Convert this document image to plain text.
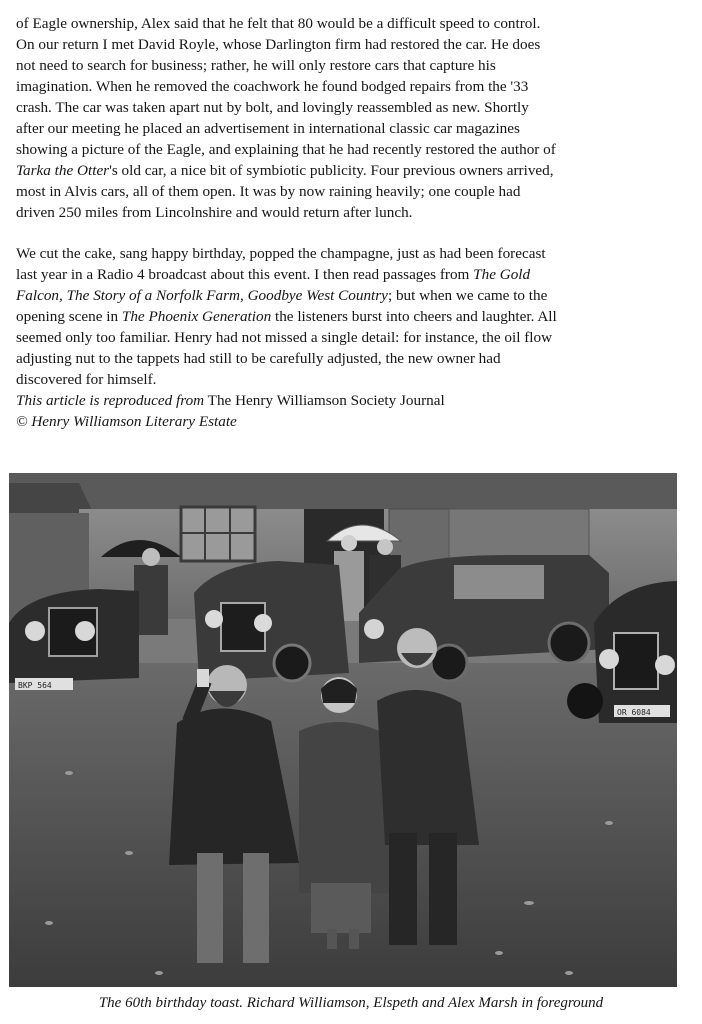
of Eagle ownership, Alex said that he felt that 80 would be a difficult speed to control.
On our return I met David Royle, whose Darlington firm had restored the car. He does
not need to search for business; rather, he will only restore cars that capture his
imagination. When he removed the coachwork he found bodged repairs from the '33
crash. The car was taken apart nut by bolt, and lovingly reassembled as new. Shortly
after our meeting he placed an advertisement in international classic car magazines
showing a picture of the Eagle, and explaining that he had recently restored the author of
Tarka the Otter's old car, a nice bit of symbiotic publicity. Four previous owners arrived,
most in Alvis cars, all of them open. It was by now raining heavily; one couple had
driven 250 miles from Lincolnshire and would return after lunch.
We cut the cake, sang happy birthday, popped the champagne, just as had been forecast
last year in a Radio 4 broadcast about this event. I then read passages from The Gold
Falcon, The Story of a Norfolk Farm, Goodbye West Country; but when we came to the
opening scene in The Phoenix Generation the listeners burst into cheers and laughter. All
seemed only too familiar. Henry had not missed a single detail: for instance, the oil flow
adjusting nut to the tappets had still to be carefully adjusted, the new owner had
discovered for himself.
This article is reproduced from The Henry Williamson Society Journal
© Henry Williamson Literary Estate
BKP 564
OR 6084
The 60th birthday toast. Richard Williamson, Elspeth and Alex Marsh in foreground
